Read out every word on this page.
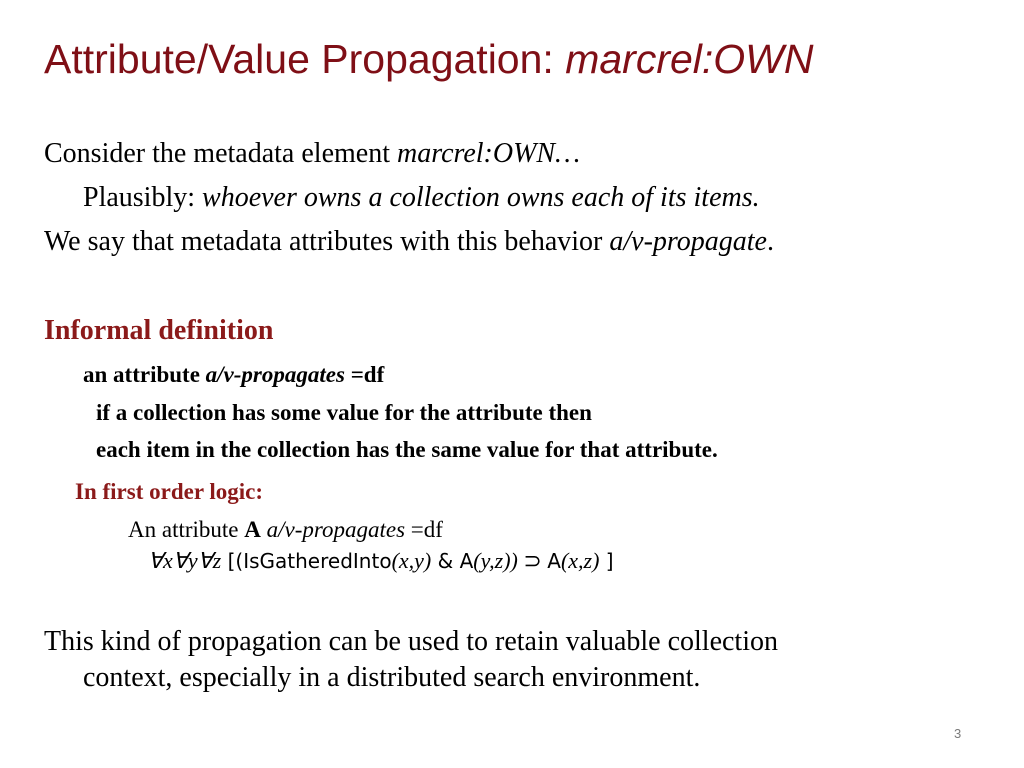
Attribute/Value Propagation: marcrel:OWN
Consider the metadata element marcrel:OWN…
Plausibly: whoever owns a collection owns each of its items.
We say that metadata attributes with this behavior a/v-propagate.
Informal definition
an attribute a/v-propagates =df
if a collection has some value for the attribute then
each item in the collection has the same value for that attribute.
In first order logic:
An attribute A a/v-propagates =df
∀x∀y∀z [(IsGatheredInto(x,y) & A(y,z)) ⊃ A(x,z) ]
This kind of propagation can be used to retain valuable collection
context, especially in a distributed search environment.
3
